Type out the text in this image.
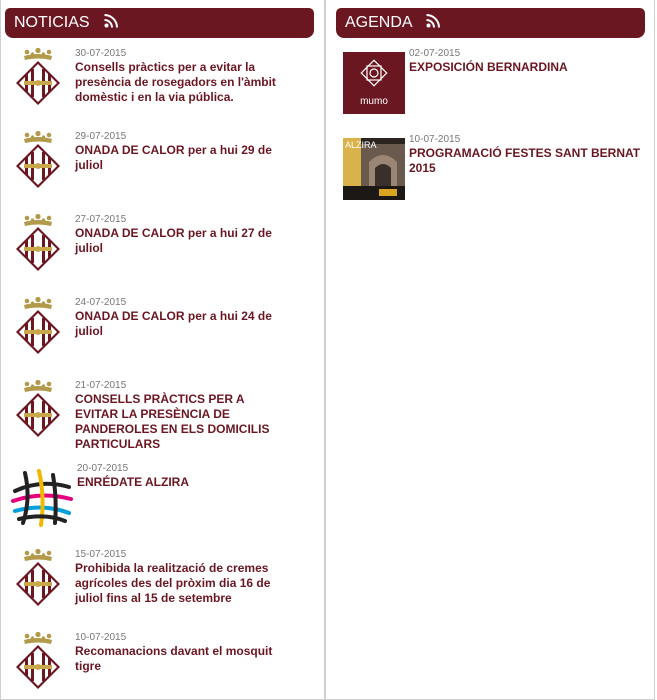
NOTICIAS
30-07-2015
Consells pràctics per a evitar la presència de rosegadors en l'àmbit domèstic i en la via pública.
29-07-2015
ONADA DE CALOR per a hui 29 de juliol
27-07-2015
ONADA DE CALOR per a hui 27 de juliol
24-07-2015
ONADA DE CALOR per a hui 24 de juliol
21-07-2015
CONSELLS PRÀCTICS PER A EVITAR LA PRESÈNCIA DE PANDEROLES EN ELS DOMICILIS PARTICULARS
20-07-2015
ENRÉDATE ALZIRA
15-07-2015
Prohibida la realització de cremes agrícoles des del pròxim dia 16 de juliol fins al 15 de setembre
10-07-2015
Recomanacions davant el mosquit tigre
AGENDA
mumo
02-07-2015
EXPOSICIÓN BERNARDINA
ALZIRA	10-07-2015
PROGRAMACIÓ FESTES SANT BERNAT 2015
